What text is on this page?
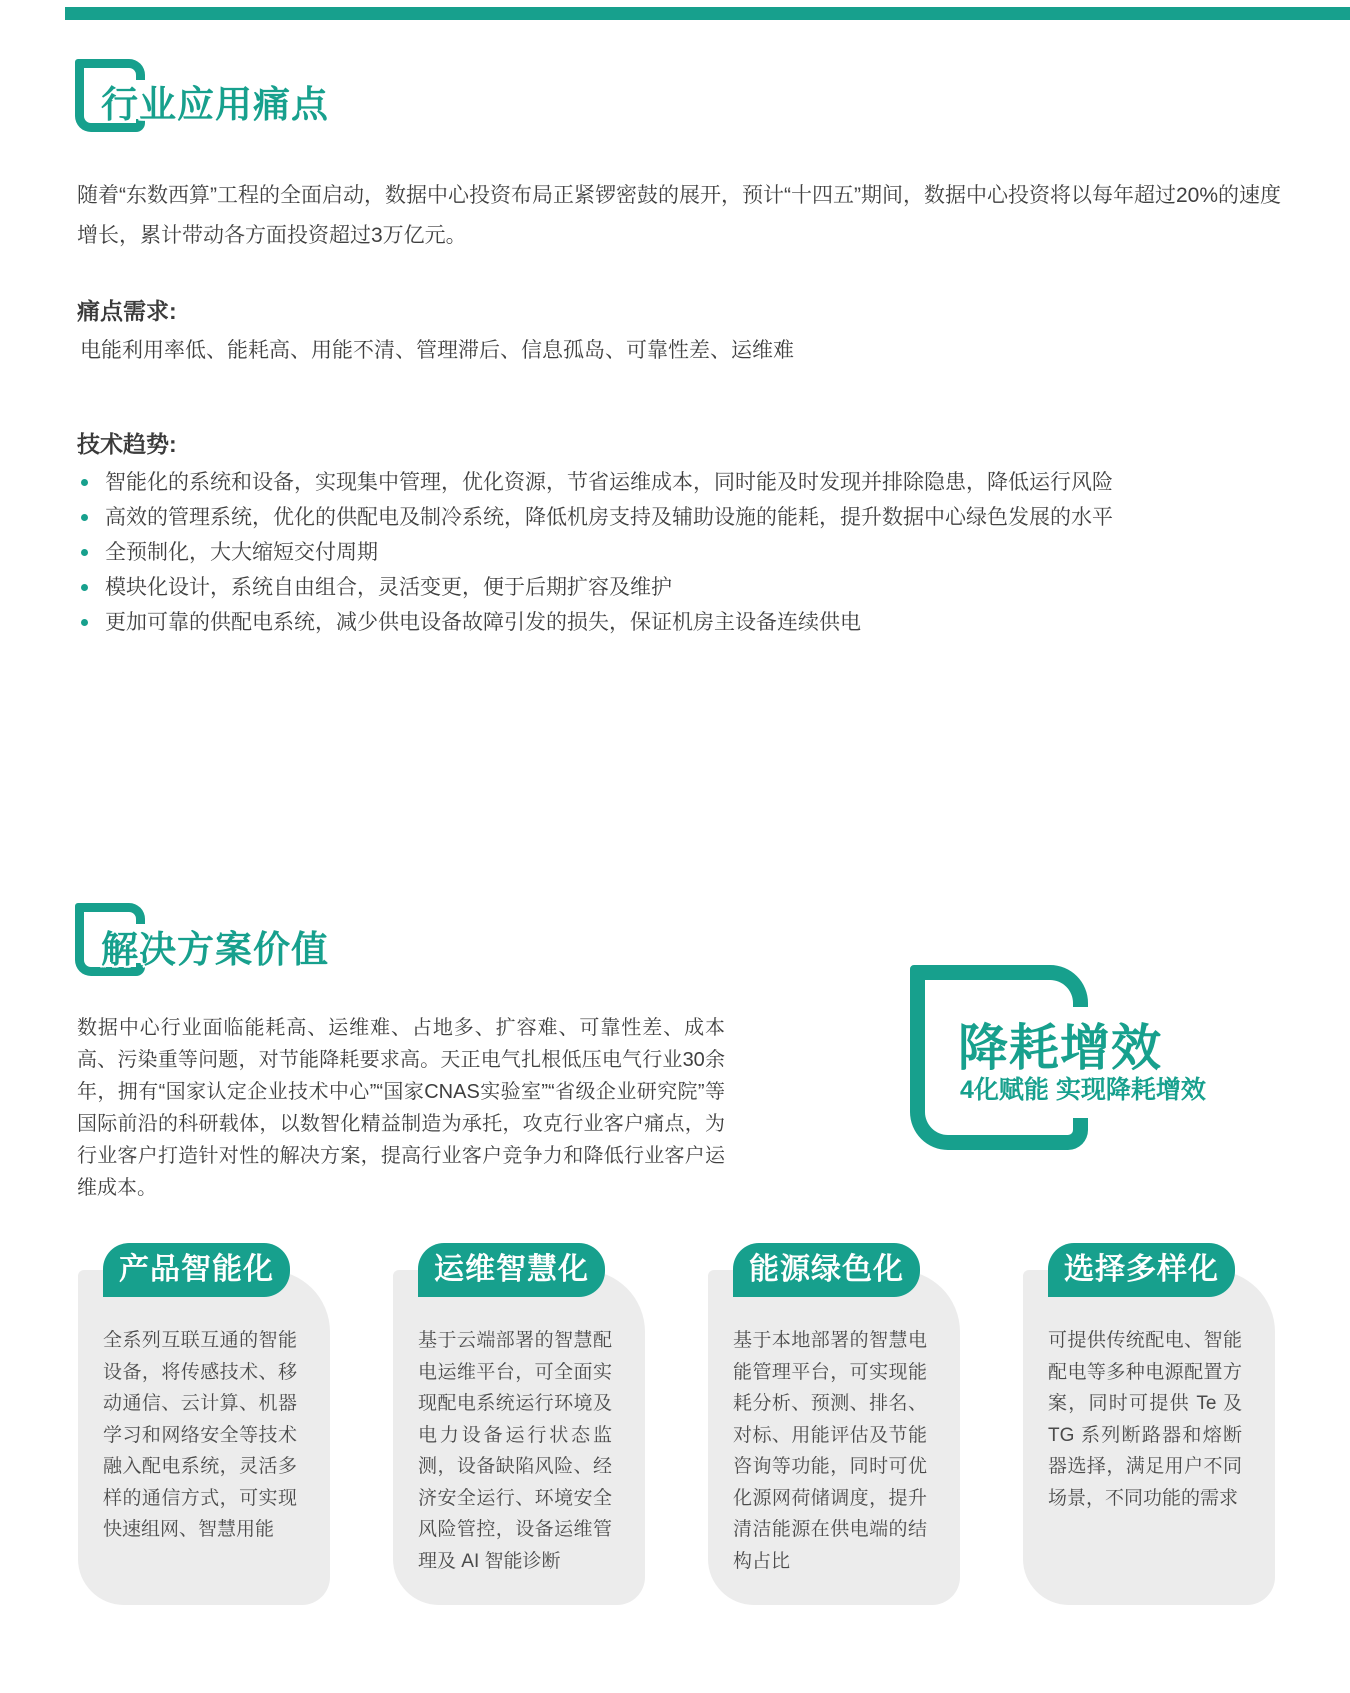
行业应用痛点

随着“东数西算”工程的全面启动，数据中心投资布局正紧锣密鼓的展开，预计“十四五”期间，数据中心投资将以每年超过20%的速度增长，累计带动各方面投资超过3万亿元。

痛点需求:

电能利用率低、能耗高、用能不清、管理滞后、信息孤岛、可靠性差、运维难

技术趋势:
智能化的系统和设备，实现集中管理，优化资源，节省运维成本，同时能及时发现并排除隐患，降低运行风险
高效的管理系统，优化的供配电及制冷系统，降低机房支持及辅助设施的能耗，提升数据中心绿色发展的水平
全预制化，大大缩短交付周期
模块化设计，系统自由组合，灵活变更，便于后期扩容及维护
更加可靠的供配电系统，减少供电设备故障引发的损失，保证机房主设备连续供电
解决方案价值

数据中心行业面临能耗高、运维难、占地多、扩容难、可靠性差、成本高、污染重等问题，对节能降耗要求高。天正电气扎根低压电气行业30余年，拥有“国家认定企业技术中心”“国家CNAS实验室”“省级企业研究院”等国际前沿的科研载体，以数智化精益制造为承托，攻克行业客户痛点，为行业客户打造针对性的解决方案，提高行业客户竞争力和降低行业客户运维成本。

降耗增效
4化赋能 实现降耗增效
产品智能化	运维智慧化	能源绿色化	选择多样化
全系列互联互通的智能设备，将传感技术、移动通信、云计算、机器学习和网络安全等技术融入配电系统，灵活多样的通信方式，可实现快速组网、智慧用能
基于云端部署的智慧配电运维平台，可全面实现配电系统运行环境及电力设备运行状态监测，设备缺陷风险、经济安全运行、环境安全风险管控，设备运维管理及 AI 智能诊断
基于本地部署的智慧电能管理平台，可实现能耗分析、预测、排名、对标、用能评估及节能咨询等功能，同时可优化源网荷储调度，提升清洁能源在供电端的结构占比
可提供传统配电、智能配电等多种电源配置方案，同时可提供 Te 及 TG 系列断路器和熔断器选择，满足用户不同场景，不同功能的需求
